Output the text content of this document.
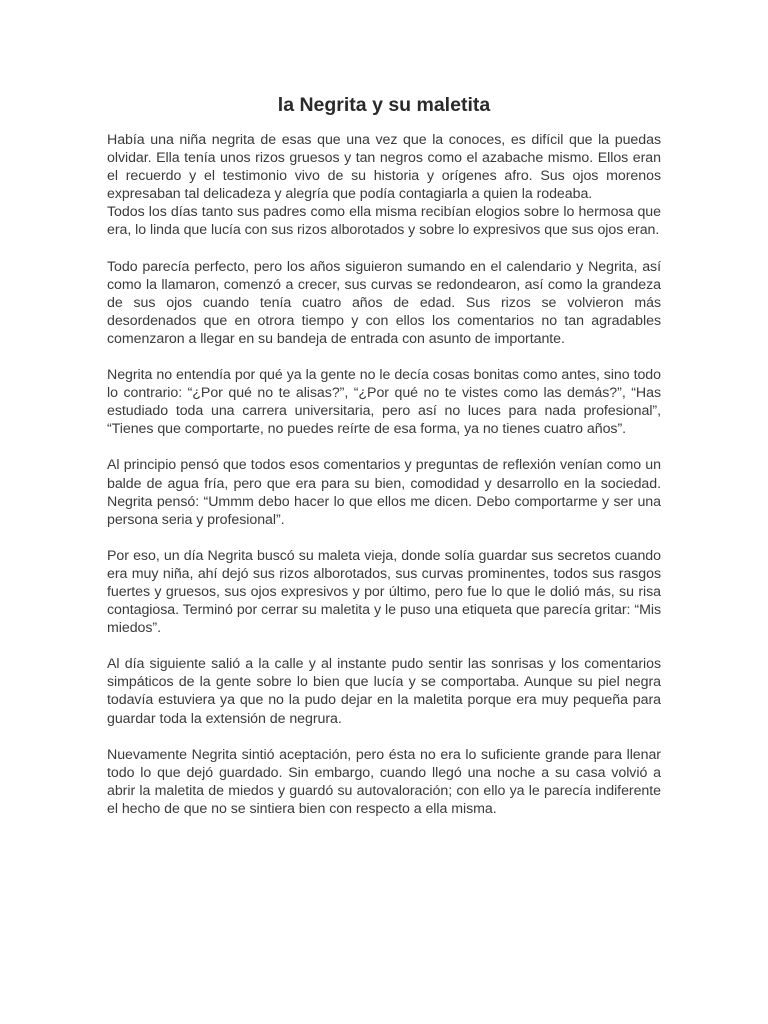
la Negrita y su maletita

Había una niña negrita de esas que una vez que la conoces, es difícil que la puedas olvidar. Ella tenía unos rizos gruesos y tan negros como el azabache mismo. Ellos eran el recuerdo y el testimonio vivo de su historia y orígenes afro. Sus ojos morenos expresaban tal delicadeza y alegría que podía contagiarla a quien la rodeaba.

Todos los días tanto sus padres como ella misma recibían elogios sobre lo hermosa que era, lo linda que lucía con sus rizos alborotados y sobre lo expresivos que sus ojos eran.

Todo parecía perfecto, pero los años siguieron sumando en el calendario y Negrita, así como la llamaron, comenzó a crecer, sus curvas se redondearon, así como la grandeza de sus ojos cuando tenía cuatro años de edad. Sus rizos se volvieron más desordenados que en otrora tiempo y con ellos los comentarios no tan agradables comenzaron a llegar en su bandeja de entrada con asunto de importante.

Negrita no entendía por qué ya la gente no le decía cosas bonitas como antes, sino todo lo contrario: “¿Por qué no te alisas?”, “¿Por qué no te vistes como las demás?”, “Has estudiado toda una carrera universitaria, pero así no luces para nada profesional”, “Tienes que comportarte, no puedes reírte de esa forma, ya no tienes cuatro años”.

Al principio pensó que todos esos comentarios y preguntas de reflexión venían como un balde de agua fría, pero que era para su bien, comodidad y desarrollo en la sociedad. Negrita pensó: “Ummm debo hacer lo que ellos me dicen. Debo comportarme y ser una persona seria y profesional”.

Por eso, un día Negrita buscó su maleta vieja, donde solía guardar sus secretos cuando era muy niña, ahí dejó sus rizos alborotados, sus curvas prominentes, todos sus rasgos fuertes y gruesos, sus ojos expresivos y por último, pero fue lo que le dolió más, su risa contagiosa. Terminó por cerrar su maletita y le puso una etiqueta que parecía gritar: “Mis miedos”.

Al día siguiente salió a la calle y al instante pudo sentir las sonrisas y los comentarios simpáticos de la gente sobre lo bien que lucía y se comportaba. Aunque su piel negra todavía estuviera ya que no la pudo dejar en la maletita porque era muy pequeña para guardar toda la extensión de negrura.

Nuevamente Negrita sintió aceptación, pero ésta no era lo suficiente grande para llenar todo lo que dejó guardado. Sin embargo, cuando llegó una noche a su casa volvió a abrir la maletita de miedos y guardó su autovaloración; con ello ya le parecía indiferente el hecho de que no se sintiera bien con respecto a ella misma.
